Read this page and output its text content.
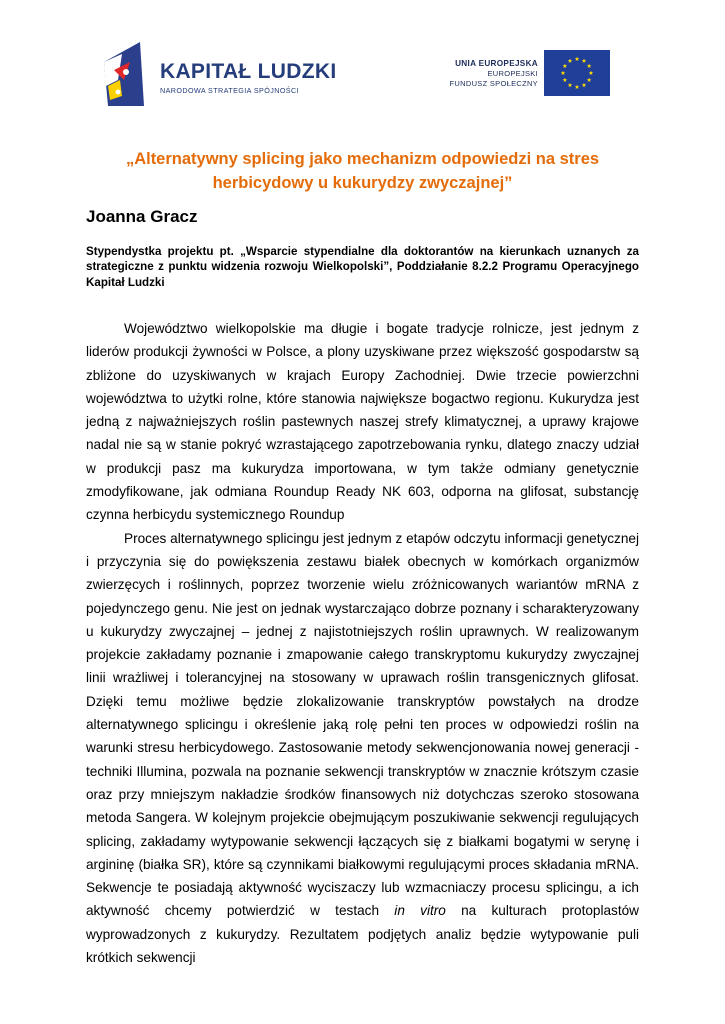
KAPITAŁ LUDZKI
NARODOWA STRATEGIA SPÓJNOŚCI
UNIA EUROPEJSKA
EUROPEJSKI
FUNDUSZ SPOŁECZNY
„Alternatywny splicing jako mechanizm odpowiedzi na stres herbicydowy u kukurydzy zwyczajnej”
Joanna Gracz

Stypendystka projektu pt. „Wsparcie stypendialne dla doktorantów na kierunkach uznanych za strategiczne z punktu widzenia rozwoju Wielkopolski”, Poddziałanie 8.2.2 Programu Operacyjnego Kapitał Ludzki

Województwo wielkopolskie ma długie i bogate tradycje rolnicze, jest jednym z liderów produkcji żywności w Polsce, a plony uzyskiwane przez większość gospodarstw są zbliżone do uzyskiwanych w krajach Europy Zachodniej. Dwie trzecie powierzchni województwa to użytki rolne, które stanowia największe bogactwo regionu. Kukurydza jest jedną z najważniejszych roślin pastewnych naszej strefy klimatycznej, a uprawy krajowe nadal nie są w stanie pokryć wzrastającego zapotrzebowania rynku, dlatego znaczy udział w produkcji pasz ma kukurydza importowana, w tym także odmiany genetycznie zmodyfikowane, jak odmiana Roundup Ready NK 603, odporna na glifosat, substancję czynna herbicydu systemicznego Roundup

Proces alternatywnego splicingu jest jednym z etapów odczytu informacji genetycznej i przyczynia się do powiększenia zestawu białek obecnych w komórkach organizmów zwierzęcych i roślinnych, poprzez tworzenie wielu zróżnicowanych wariantów mRNA z pojedynczego genu. Nie jest on jednak wystarczająco dobrze poznany i scharakteryzowany u kukurydzy zwyczajnej – jednej z najistotniejszych roślin uprawnych. W realizowanym projekcie zakładamy poznanie i zmapowanie całego transkryptomu kukurydzy zwyczajnej linii wrażliwej i tolerancyjnej na stosowany w uprawach roślin transgenicznych glifosat. Dzięki temu możliwe będzie zlokalizowanie transkryptów powstałych na drodze alternatywnego splicingu i określenie jaką rolę pełni ten proces w odpowiedzi roślin na warunki stresu herbicydowego. Zastosowanie metody sekwencjonowania nowej generacji - techniki Illumina, pozwala na poznanie sekwencji transkryptów w znacznie krótszym czasie oraz przy mniejszym nakładzie środków finansowych niż dotychczas szeroko stosowana metoda Sangera. W kolejnym projekcie obejmującym poszukiwanie sekwencji regulujących splicing, zakładamy wytypowanie sekwencji łączących się z białkami bogatymi w serynę i argininę (białka SR), które są czynnikami białkowymi regulującymi proces składania mRNA. Sekwencje te posiadają aktywność wyciszaczy lub wzmacniaczy procesu splicingu, a ich aktywność chcemy potwierdzić w testach in vitro na kulturach protoplastów wyprowadzonych z kukurydzy. Rezultatem podjętych analiz będzie wytypowanie puli krótkich sekwencji
